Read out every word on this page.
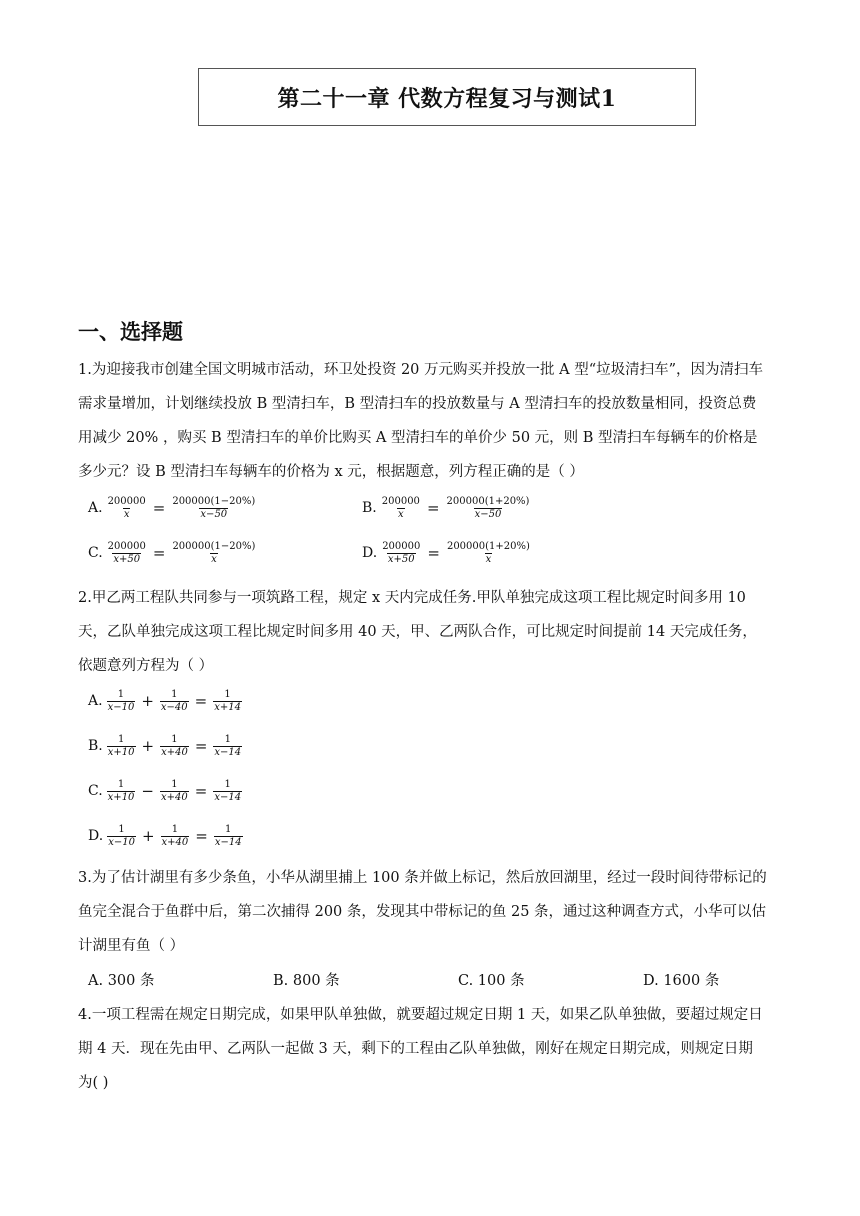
第二十一章 代数方程复习与测试1
一、选择题
1.为迎接我市创建全国文明城市活动，环卫处投资 20 万元购买并投放一批 A 型“垃圾清扫车”，因为清扫车
需求量增加，计划继续投放 B 型清扫车，B 型清扫车的投放数量与 A 型清扫车的投放数量相同，投资总费
用减少 20% ，购买 B 型清扫车的单价比购买 A 型清扫车的单价少 50 元，则 B 型清扫车每辆车的价格是
多少元？设 B 型清扫车每辆车的价格为 x 元，根据题意，列方程正确的是（ ）
A. $\frac{200000}{x} = \frac{200000(1-20\%)}{x-50}$	B. $\frac{200000}{x} = \frac{200000(1+20\%)}{x-50}$
C. $\frac{200000}{x+50} = \frac{200000(1-20\%)}{x}$	D. $\frac{200000}{x+50} = \frac{200000(1+20\%)}{x}$
2.甲乙两工程队共同参与一项筑路工程，规定 x 天内完成任务.甲队单独完成这项工程比规定时间多用 10
天，乙队单独完成这项工程比规定时间多用 40 天，甲、乙两队合作，可比规定时间提前 14 天完成任务，
依题意列方程为（ ）
A. $\frac{1}{x-10} + \frac{1}{x-40} = \frac{1}{x+14}$
B. $\frac{1}{x+10} + \frac{1}{x+40} = \frac{1}{x-14}$
C. $\frac{1}{x+10} - \frac{1}{x+40} = \frac{1}{x-14}$
D. $\frac{1}{x-10} + \frac{1}{x+40} = \frac{1}{x-14}$
3.为了估计湖里有多少条鱼，小华从湖里捕上 100 条并做上标记，然后放回湖里，经过一段时间待带标记的
鱼完全混合于鱼群中后，第二次捕得 200 条，发现其中带标记的鱼 25 条，通过这种调查方式，小华可以估
计湖里有鱼（ ）
A. 300 条	B. 800 条	C. 100 条	D. 1600 条
4.一项工程需在规定日期完成，如果甲队单独做，就要超过规定日期 1 天，如果乙队单独做，要超过规定日
期 4 天．现在先由甲、乙两队一起做 3 天，剩下的工程由乙队单独做，刚好在规定日期完成，则规定日期
为( )
